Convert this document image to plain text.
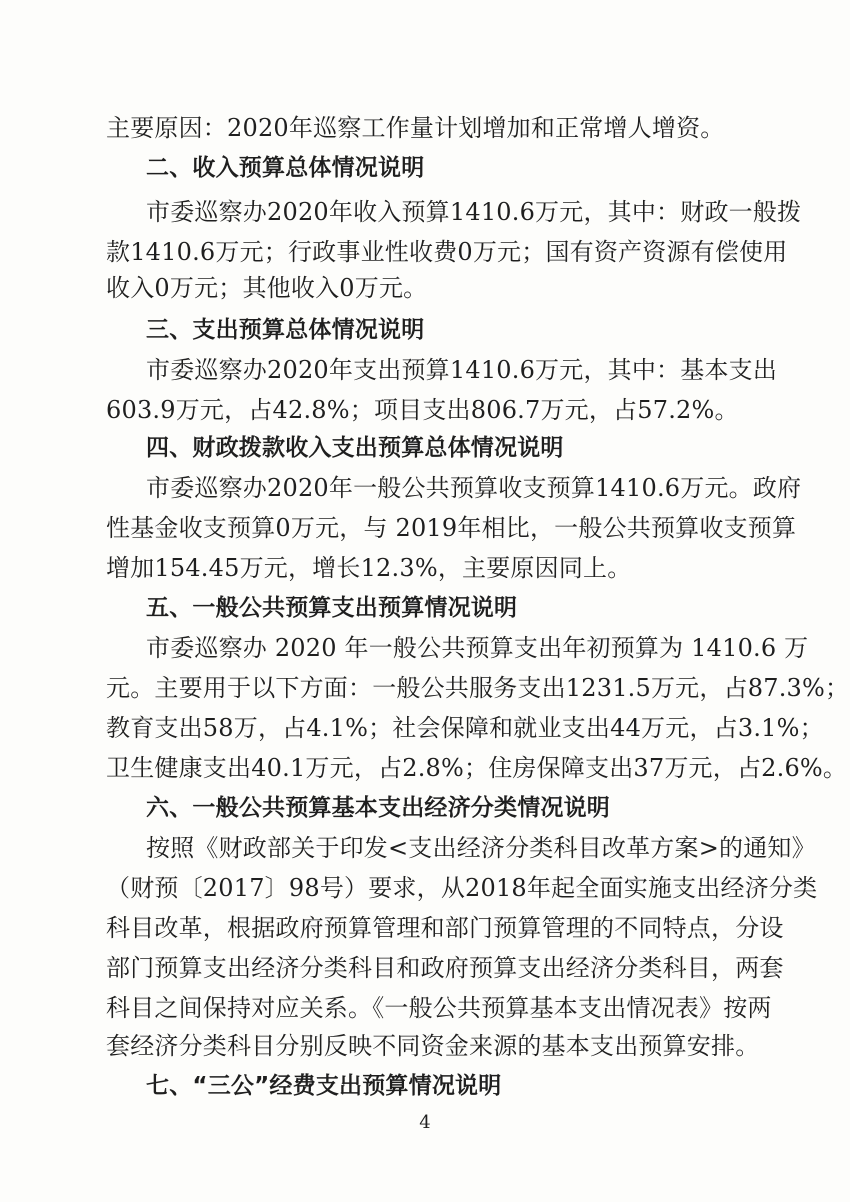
主要原因：2020年巡察工作量计划增加和正常增人增资。
二、收入预算总体情况说明
市委巡察办2020年收入预算1410.6万元，其中：财政一般拨
款1410.6万元；行政事业性收费0万元；国有资产资源有偿使用
收入0万元；其他收入0万元。
三、支出预算总体情况说明
市委巡察办2020年支出预算1410.6万元，其中：基本支出
603.9万元，占42.8%；项目支出806.7万元，占57.2%。
四、财政拨款收入支出预算总体情况说明
市委巡察办2020年一般公共预算收支预算1410.6万元。政府
性基金收支预算0万元，与 2019年相比，一般公共预算收支预算
增加154.45万元，增长12.3%，主要原因同上。
五、一般公共预算支出预算情况说明
市委巡察办 2020 年一般公共预算支出年初预算为 1410.6 万
元。主要用于以下方面：一般公共服务支出1231.5万元，占87.3%；
教育支出58万，占4.1%；社会保障和就业支出44万元，占3.1%；
卫生健康支出40.1万元，占2.8%；住房保障支出37万元，占2.6%。
六、一般公共预算基本支出经济分类情况说明
按照《财政部关于印发<支出经济分类科目改革方案>的通知》
（财预〔2017〕98号）要求，从2018年起全面实施支出经济分类
科目改革，根据政府预算管理和部门预算管理的不同特点，分设
部门预算支出经济分类科目和政府预算支出经济分类科目，两套
科目之间保持对应关系。《一般公共预算基本支出情况表》按两
套经济分类科目分别反映不同资金来源的基本支出预算安排。
七、“三公”经费支出预算情况说明
4
